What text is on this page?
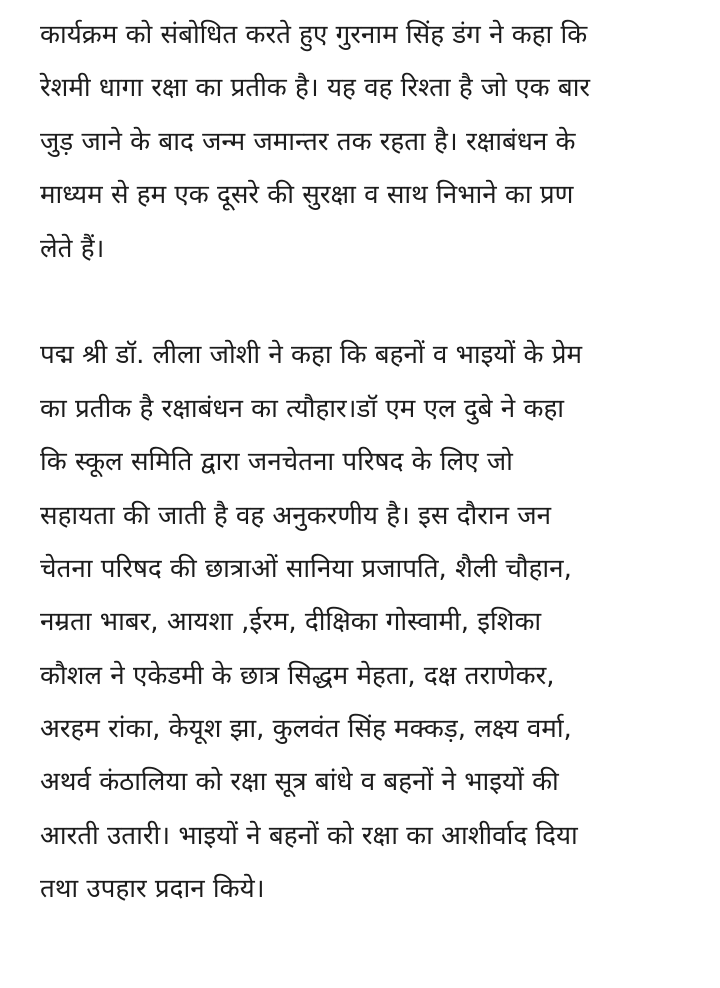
कार्यक्रम को संबोधित करते हुए गुरनाम सिंह डंग ने कहा कि
रेशमी धागा रक्षा का प्रतीक है। यह वह रिश्ता है जो एक बार
जुड़ जाने के बाद जन्म जमान्तर तक रहता है। रक्षाबंधन के
माध्यम से हम एक दूसरे की सुरक्षा व साथ निभाने का प्रण
लेते हैं।
पद्म श्री डॉ. लीला जोशी ने कहा कि बहनों व भाइयों के प्रेम
का प्रतीक है रक्षाबंधन का त्यौहार।डॉ एम एल दुबे ने कहा
कि स्कूल समिति द्वारा जनचेतना परिषद के लिए जो
सहायता की जाती है वह अनुकरणीय है। इस दौरान जन
चेतना परिषद की छात्राओं सानिया प्रजापति, शैली चौहान,
नम्रता भाबर, आयशा ,ईरम, दीक्षिका गोस्वामी, इशिका
कौशल ने एकेडमी के छात्र सिद्धम मेहता, दक्ष तराणेकर,
अरहम रांका, केयूश झा, कुलवंत सिंह मक्कड़, लक्ष्य वर्मा,
अथर्व कंठालिया को रक्षा सूत्र बांधे व बहनों ने भाइयों की
आरती उतारी। भाइयों ने बहनों को रक्षा का आशीर्वाद दिया
तथा उपहार प्रदान किये।
